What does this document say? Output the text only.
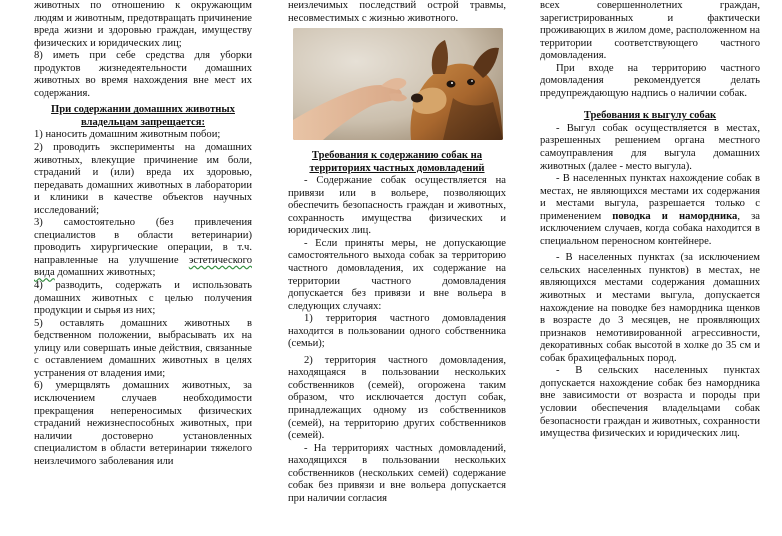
животных по отношению к окружающим людям и животным, предотвращать причинение вреда жизни и здоровью граждан, имуществу физических и юридических лиц;

8) иметь при себе средства для уборки продуктов жизнедеятельности домашних животных во время нахождения вне мест их содержания.

При содержании домашних животных
владельцам запрещается:

1) наносить домашним животным побои;

2) проводить эксперименты на домашних животных, влекущие причинение им боли, страданий и (или) вреда их здоровью, передавать домашних животных в лаборатории и клиники в качестве объектов научных исследований;

3) самостоятельно (без привлечения специалистов в области ветеринарии) проводить хирургические операции, в т.ч. направленные на улучшение эстетического вида домашних животных;

4) разводить, содержать и использовать домашних животных с целью получения продукции и сырья из них;

5) оставлять домашних животных в бедственном положении, выбрасывать их на улицу или совершать иные действия, связанные с оставлением домашних животных в целях устранения от владения ими;

6) умерщвлять домашних животных, за исключением случаев необходимости прекращения непереносимых физических страданий нежизнеспособных животных, при наличии достоверно установленных специалистом в области ветеринарии тяжелого неизлечимого заболевания или

неизлечимых последствий острой травмы, несовместимых с жизнью животного.

Требования к содержанию собак на
территориях частных домовладений

- Содержание собак осуществляется на привязи или в вольере, позволяющих обеспечить безопасность граждан и животных, сохранность имущества физических и юридических лиц.

- Если приняты меры, не допускающие самостоятельного выхода собак за территорию частного домовладения, их содержание на территории частного домовладения допускается без привязи и вне вольера в следующих случаях:

1) территория частного домовладения находится в пользовании одного собственника (семьи);

2) территория частного домовладения, находящаяся в пользовании нескольких собственников (семей), огорожена таким образом, что исключается доступ собак, принадлежащих одному из собственников (семей), на территорию других собственников (семей).

- На территориях частных домовладений, находящихся в пользовании нескольких собственников (нескольких семей) содержание собак без привязи и вне вольера допускается при наличии согласия

всех совершеннолетних граждан, зарегистрированных и фактически проживающих в жилом доме, расположенном на территории соответствующего частного домовладения.

При входе на территорию частного домовладения рекомендуется делать предупреждающую надпись о наличии собак.

Требования к выгулу собак

- Выгул собак осуществляется в местах, разрешенных решением органа местного самоуправления для выгула домашних животных (далее - место выгула).

- В населенных пунктах нахождение собак в местах, не являющихся местами их содержания и местами выгула, разрешается только с применением поводка и намордника, за исключением случаев, когда собака находится в специальном переносном контейнере.

- В населенных пунктах (за исключением сельских населенных пунктов) в местах, не являющихся местами содержания домашних животных и местами выгула, допускается нахождение на поводке без намордника щенков в возрасте до 3 месяцев, не проявляющих признаков немотивированной агрессивности, декоративных собак высотой в холке до 35 см и собак брахицефальных пород.

- В сельских населенных пунктах допускается нахождение собак без намордника вне зависимости от возраста и породы при условии обеспечения владельцами собак безопасности граждан и животных, сохранности имущества физических и юридических лиц.
